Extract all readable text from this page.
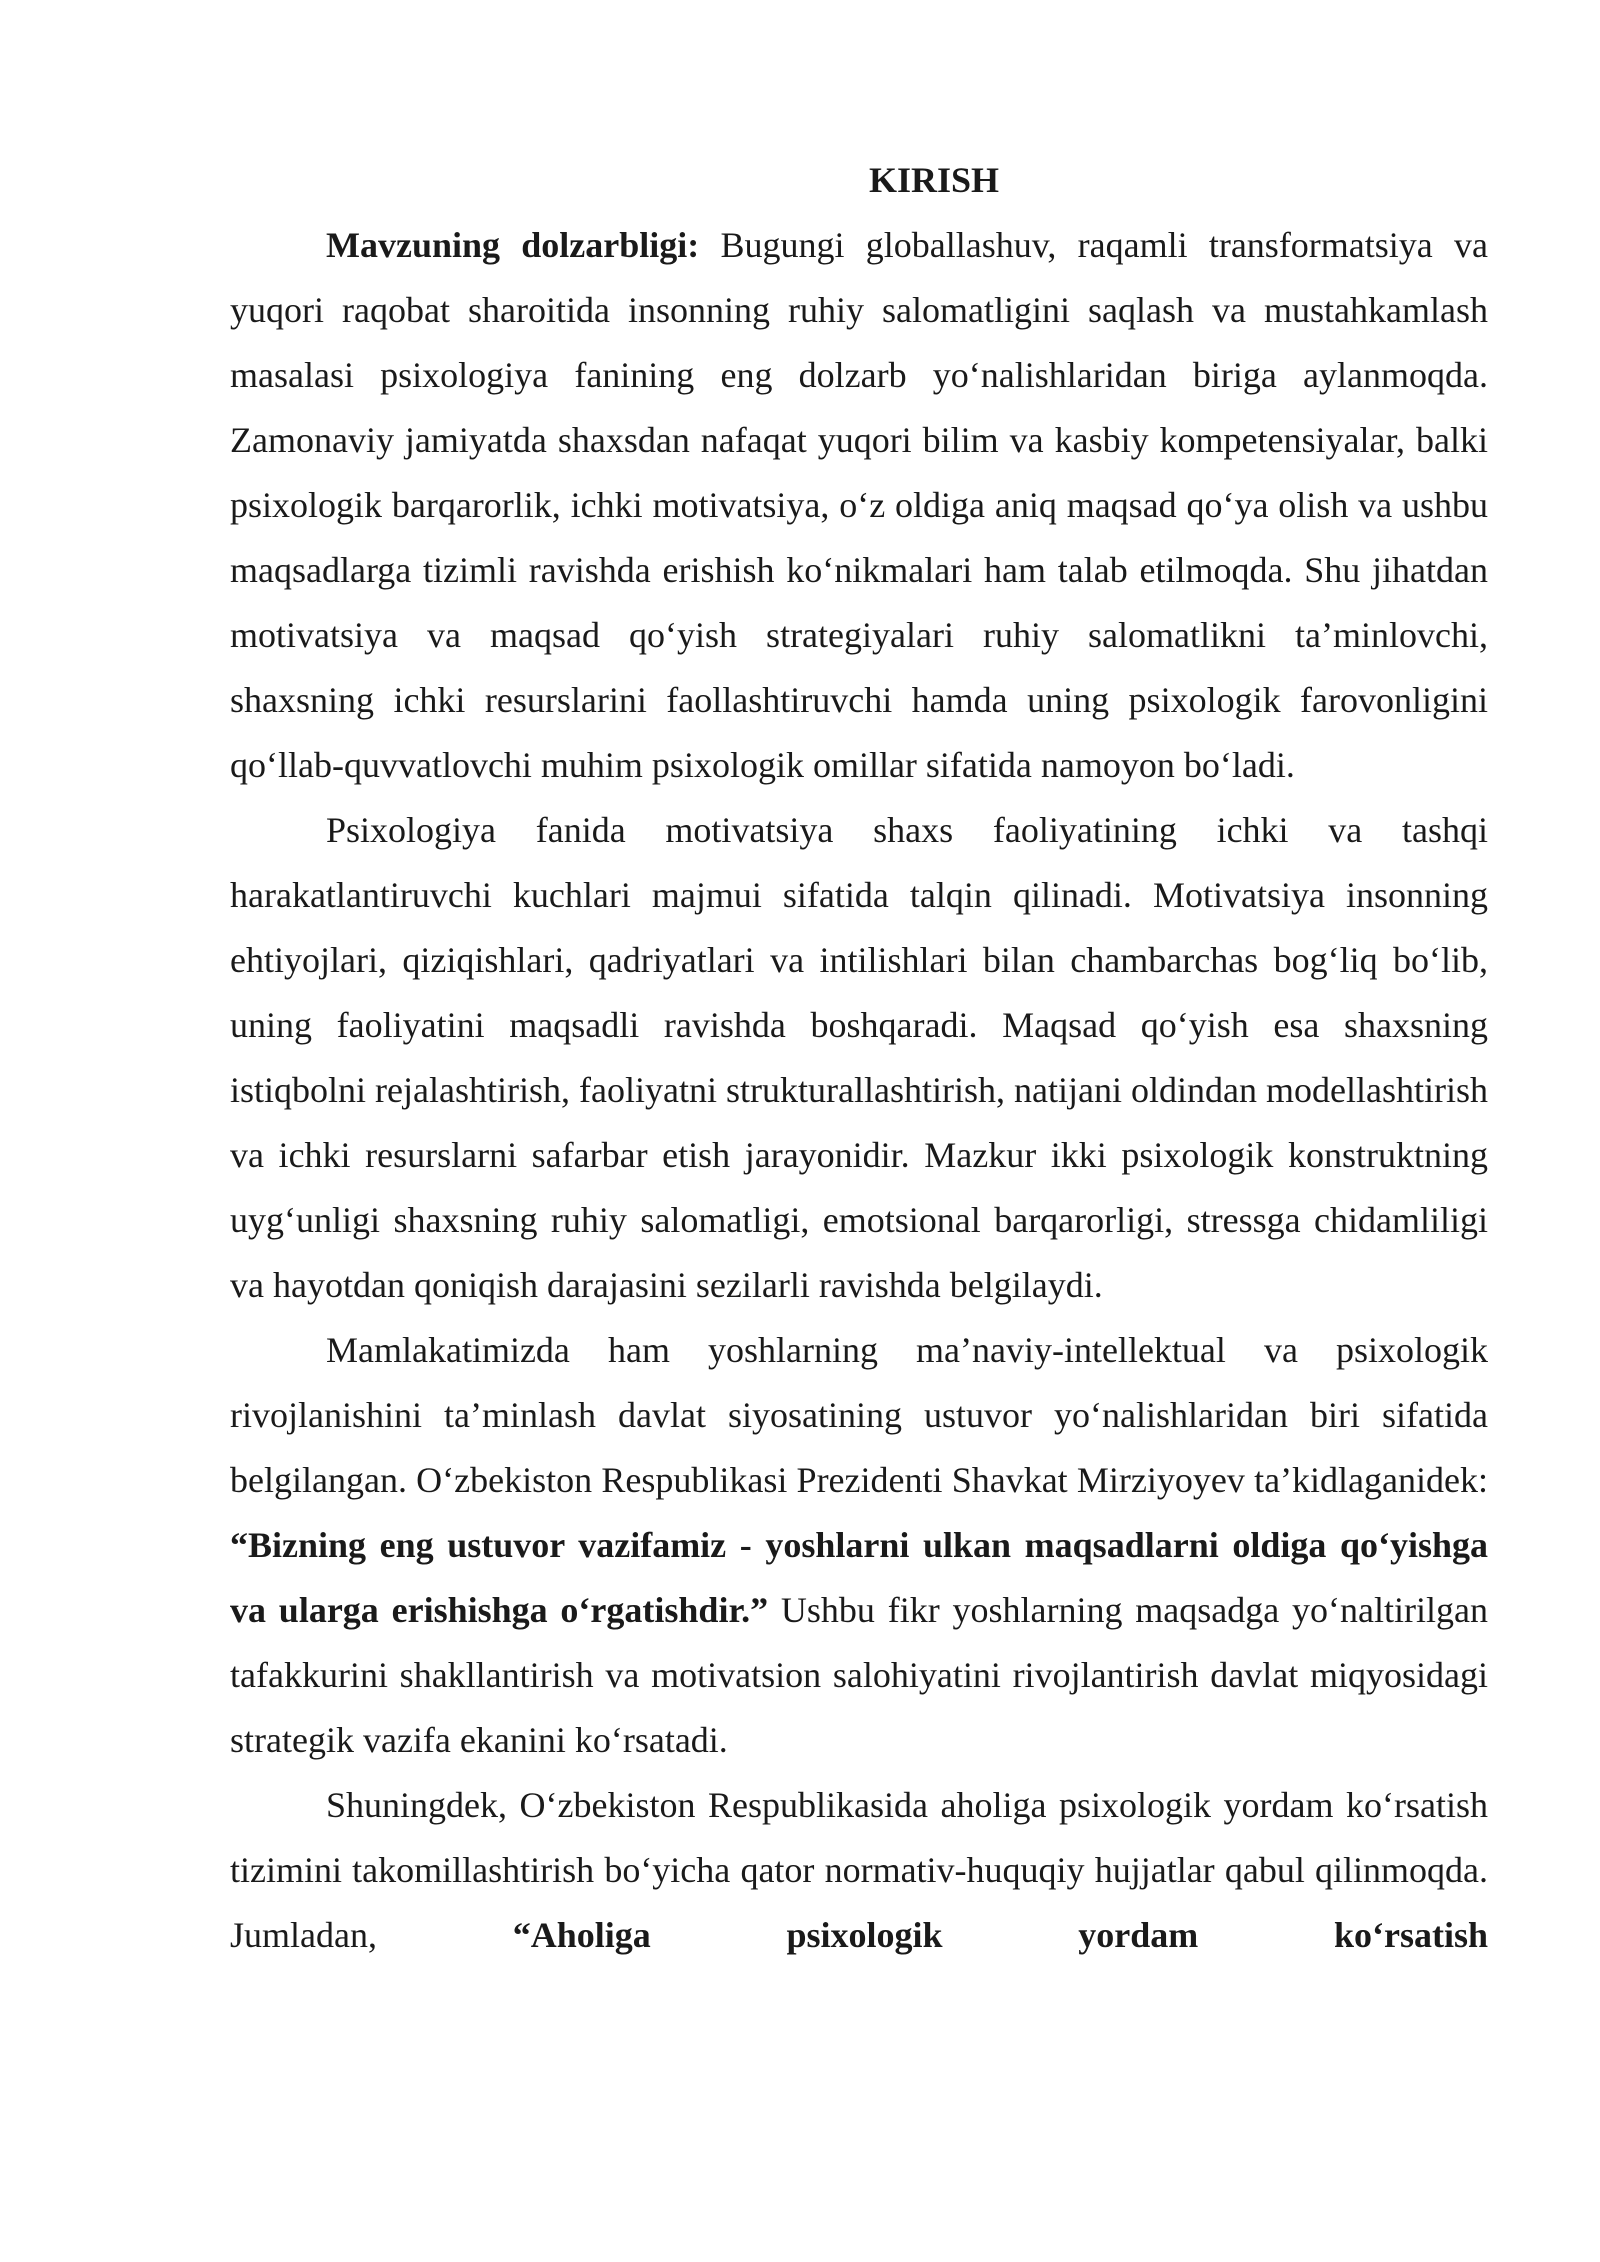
KIRISH

Mavzuning dolzarbligi: Bugungi globallashuv, raqamli transformatsiya va yuqori raqobat sharoitida insonning ruhiy salomatligini saqlash va mustahkamlash masalasi psixologiya fanining eng dolzarb yo‘nalishlaridan biriga aylanmoqda. Zamonaviy jamiyatda shaxsdan nafaqat yuqori bilim va kasbiy kompetensiyalar, balki psixologik barqarorlik, ichki motivatsiya, o‘z oldiga aniq maqsad qo‘ya olish va ushbu maqsadlarga tizimli ravishda erishish ko‘nikmalari ham talab etilmoqda. Shu jihatdan motivatsiya va maqsad qo‘yish strategiyalari ruhiy salomatlikni ta’minlovchi, shaxsning ichki resurslarini faollashtiruvchi hamda uning psixologik farovonligini qo‘llab-quvvatlovchi muhim psixologik omillar sifatida namoyon bo‘ladi.

Psixologiya fanida motivatsiya shaxs faoliyatining ichki va tashqi harakatlantiruvchi kuchlari majmui sifatida talqin qilinadi. Motivatsiya insonning ehtiyojlari, qiziqishlari, qadriyatlari va intilishlari bilan chambarchas bog‘liq bo‘lib, uning faoliyatini maqsadli ravishda boshqaradi. Maqsad qo‘yish esa shaxsning istiqbolni rejalashtirish, faoliyatni strukturallashtirish, natijani oldindan modellashtirish va ichki resurslarni safarbar etish jarayonidir. Mazkur ikki psixologik konstruktning uyg‘unligi shaxsning ruhiy salomatligi, emotsional barqarorligi, stressga chidamliligi va hayotdan qoniqish darajasini sezilarli ravishda belgilaydi.

Mamlakatimizda ham yoshlarning ma’naviy-intellektual va psixologik rivojlanishini ta’minlash davlat siyosatining ustuvor yo‘nalishlaridan biri sifatida belgilangan. O‘zbekiston Respublikasi Prezidenti Shavkat Mirziyoyev ta’kidlaganidek: “Bizning eng ustuvor vazifamiz - yoshlarni ulkan maqsadlarni oldiga qo‘yishga va ularga erishishga o‘rgatishdir.” Ushbu fikr yoshlarning maqsadga yo‘naltirilgan tafakkurini shakllantirish va motivatsion salohiyatini rivojlantirish davlat miqyosidagi strategik vazifa ekanini ko‘rsatadi.

Shuningdek, O‘zbekiston Respublikasida aholiga psixologik yordam ko‘rsatish tizimini takomillashtirish bo‘yicha qator normativ-huquqiy hujjatlar qabul qilinmoqda. Jumladan, “Aholiga psixologik yordam ko‘rsatish
